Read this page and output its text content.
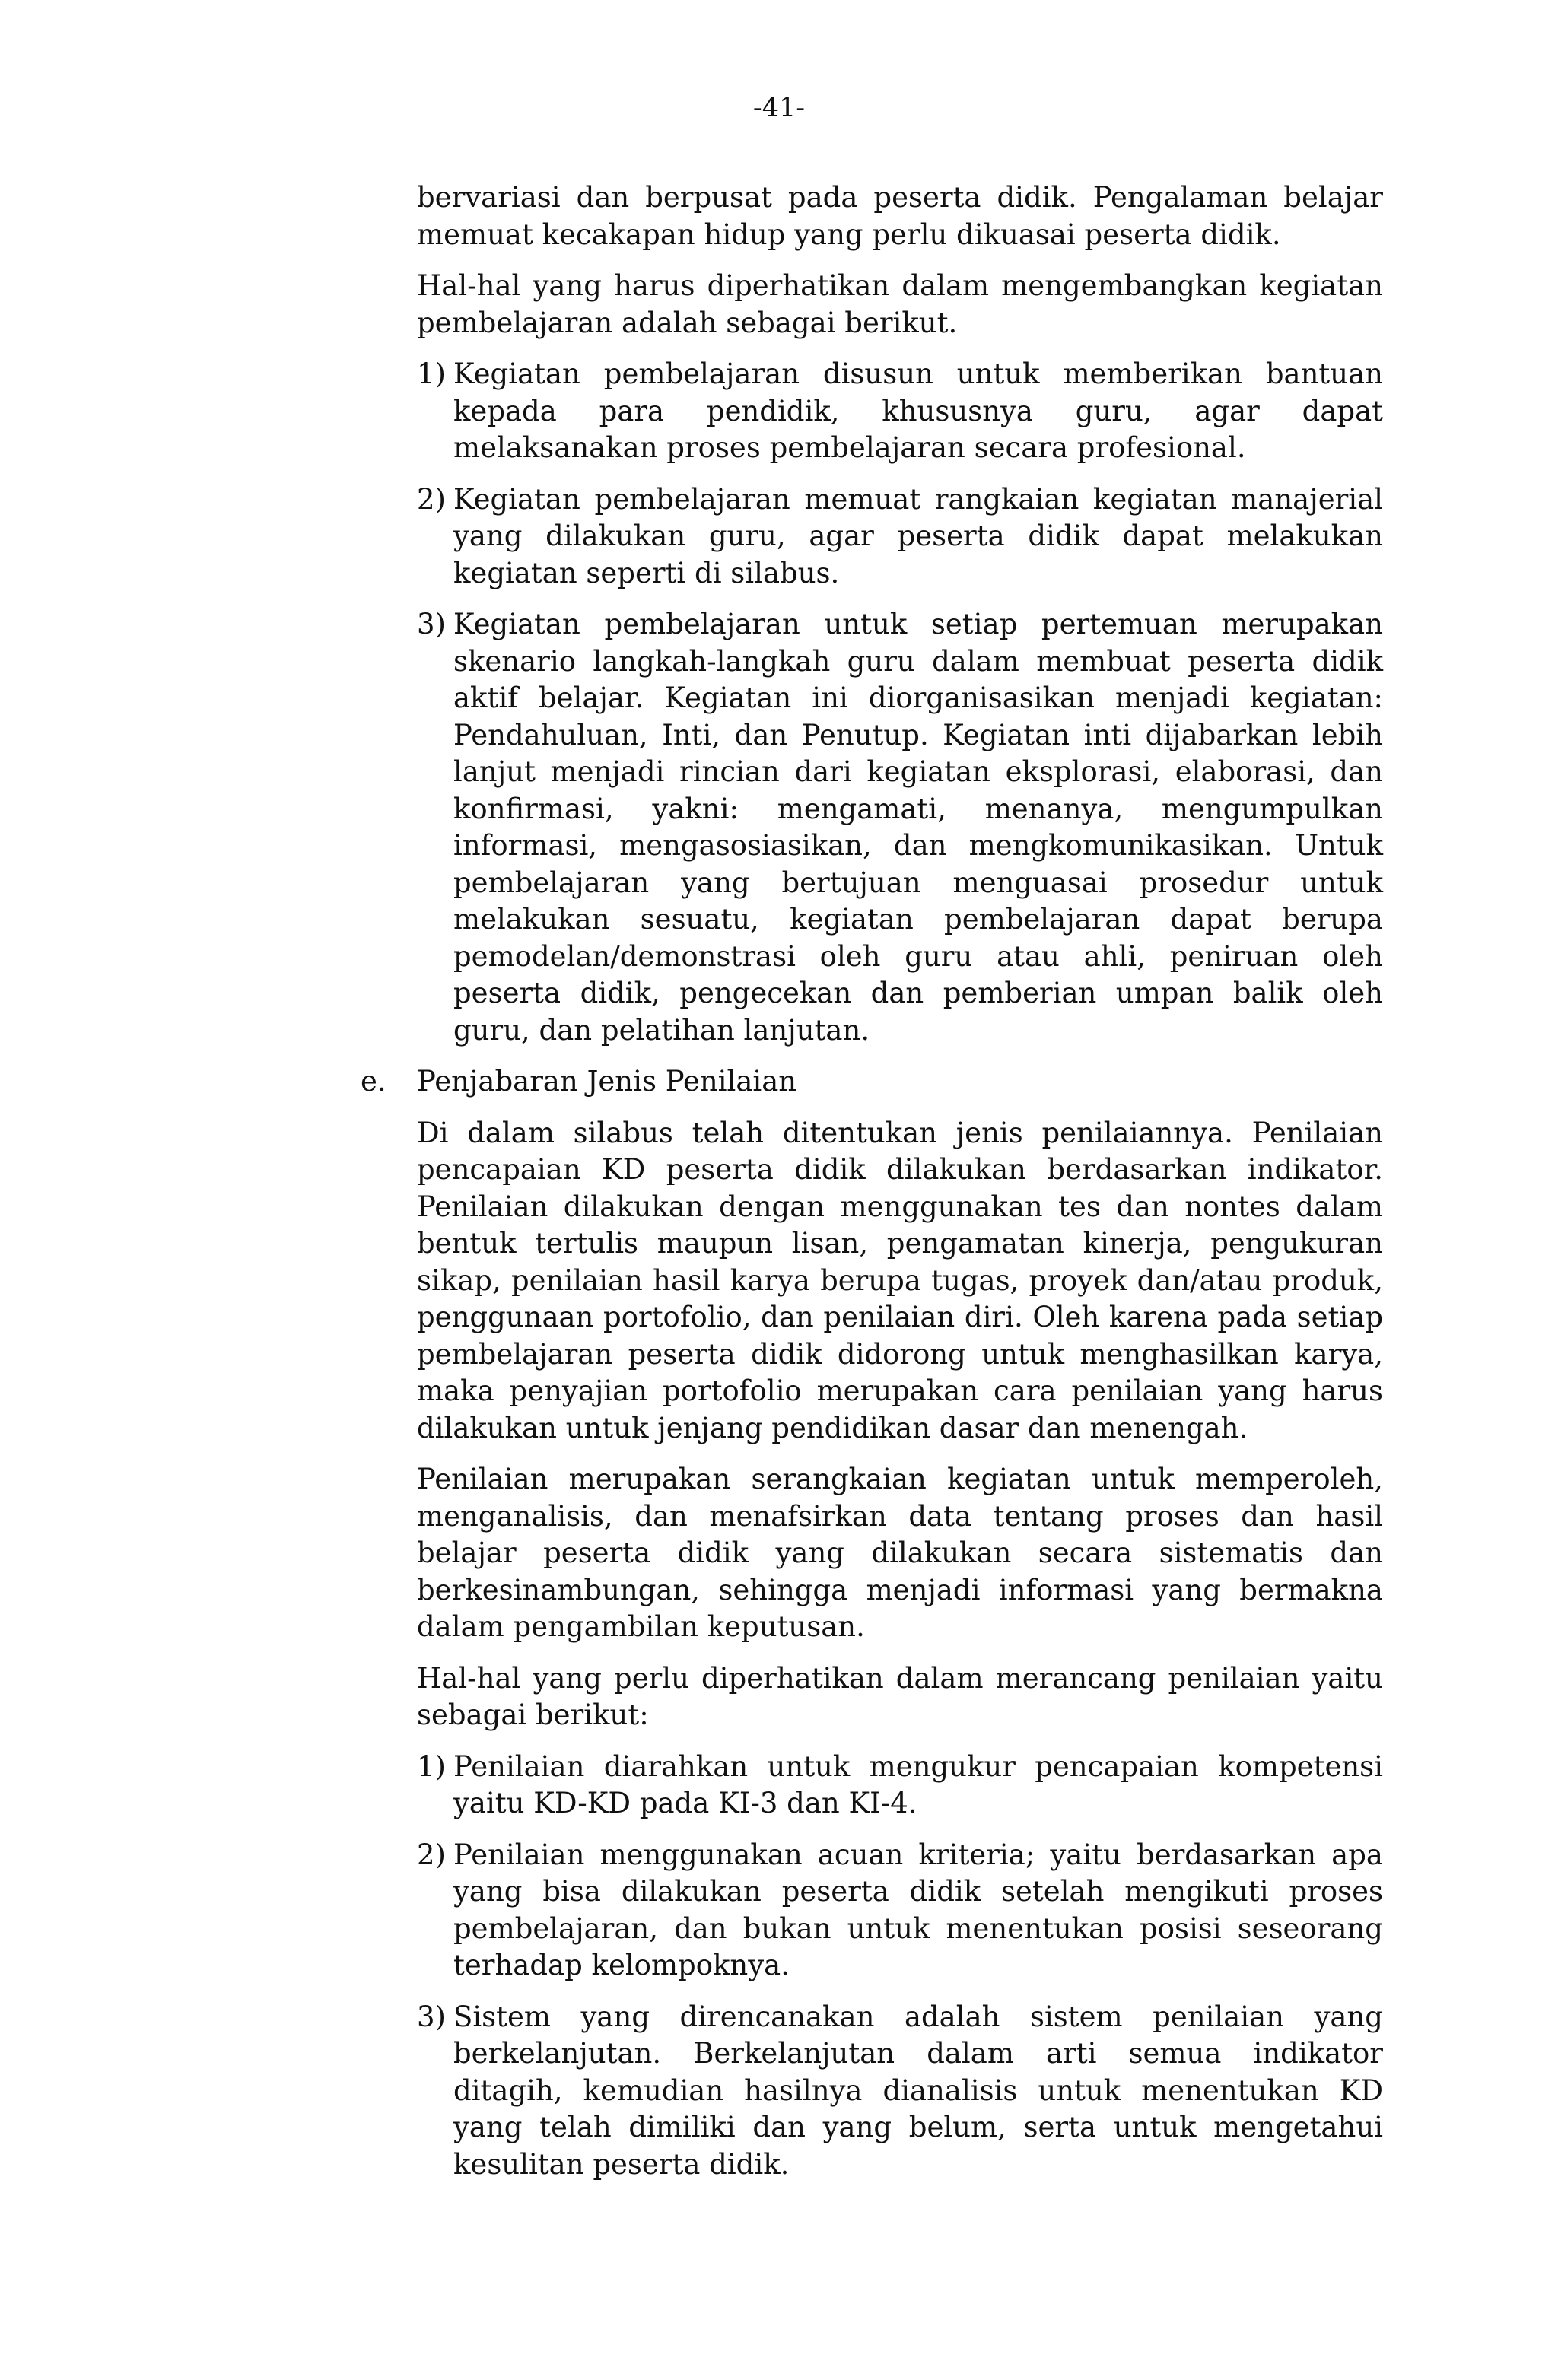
-41-

bervariasi dan berpusat pada peserta didik. Pengalaman belajar memuat kecakapan hidup yang perlu dikuasai peserta didik.

Hal-hal yang harus diperhatikan dalam mengembangkan kegiatan pembelajaran adalah sebagai berikut.

1) Kegiatan pembelajaran disusun untuk memberikan bantuan kepada para pendidik, khususnya guru, agar dapat melaksanakan proses pembelajaran secara profesional.
2) Kegiatan pembelajaran memuat rangkaian kegiatan manajerial yang dilakukan guru, agar peserta didik dapat melakukan kegiatan seperti di silabus.
3) Kegiatan pembelajaran untuk setiap pertemuan merupakan skenario langkah-langkah guru dalam membuat peserta didik aktif belajar. Kegiatan ini diorganisasikan menjadi kegiatan: Pendahuluan, Inti, dan Penutup. Kegiatan inti dijabarkan lebih lanjut menjadi rincian dari kegiatan eksplorasi, elaborasi, dan konfirmasi, yakni: mengamati, menanya, mengumpulkan informasi, mengasosiasikan, dan mengkomunikasikan. Untuk pembelajaran yang bertujuan menguasai prosedur untuk melakukan sesuatu, kegiatan pembelajaran dapat berupa pemodelan/demonstrasi oleh guru atau ahli, peniruan oleh peserta didik, pengecekan dan pemberian umpan balik oleh guru, dan pelatihan lanjutan.
e. Penjabaran Jenis Penilaian

Di dalam silabus telah ditentukan jenis penilaiannya. Penilaian pencapaian KD peserta didik dilakukan berdasarkan indikator. Penilaian dilakukan dengan menggunakan tes dan nontes dalam bentuk tertulis maupun lisan, pengamatan kinerja, pengukuran sikap, penilaian hasil karya berupa tugas, proyek dan/atau produk, penggunaan portofolio, dan penilaian diri. Oleh karena pada setiap pembelajaran peserta didik didorong untuk menghasilkan karya, maka penyajian portofolio merupakan cara penilaian yang harus dilakukan untuk jenjang pendidikan dasar dan menengah.

Penilaian merupakan serangkaian kegiatan untuk memperoleh, menganalisis, dan menafsirkan data tentang proses dan hasil belajar peserta didik yang dilakukan secara sistematis dan berkesinambungan, sehingga menjadi informasi yang bermakna dalam pengambilan keputusan.

Hal-hal yang perlu diperhatikan dalam merancang penilaian yaitu sebagai berikut:

1) Penilaian diarahkan untuk mengukur pencapaian kompetensi yaitu KD-KD pada KI-3 dan KI-4.
2) Penilaian menggunakan acuan kriteria; yaitu berdasarkan apa yang bisa dilakukan peserta didik setelah mengikuti proses pembelajaran, dan bukan untuk menentukan posisi seseorang terhadap kelompoknya.
3) Sistem yang direncanakan adalah sistem penilaian yang berkelanjutan. Berkelanjutan dalam arti semua indikator ditagih, kemudian hasilnya dianalisis untuk menentukan KD yang telah dimiliki dan yang belum, serta untuk mengetahui kesulitan peserta didik.
